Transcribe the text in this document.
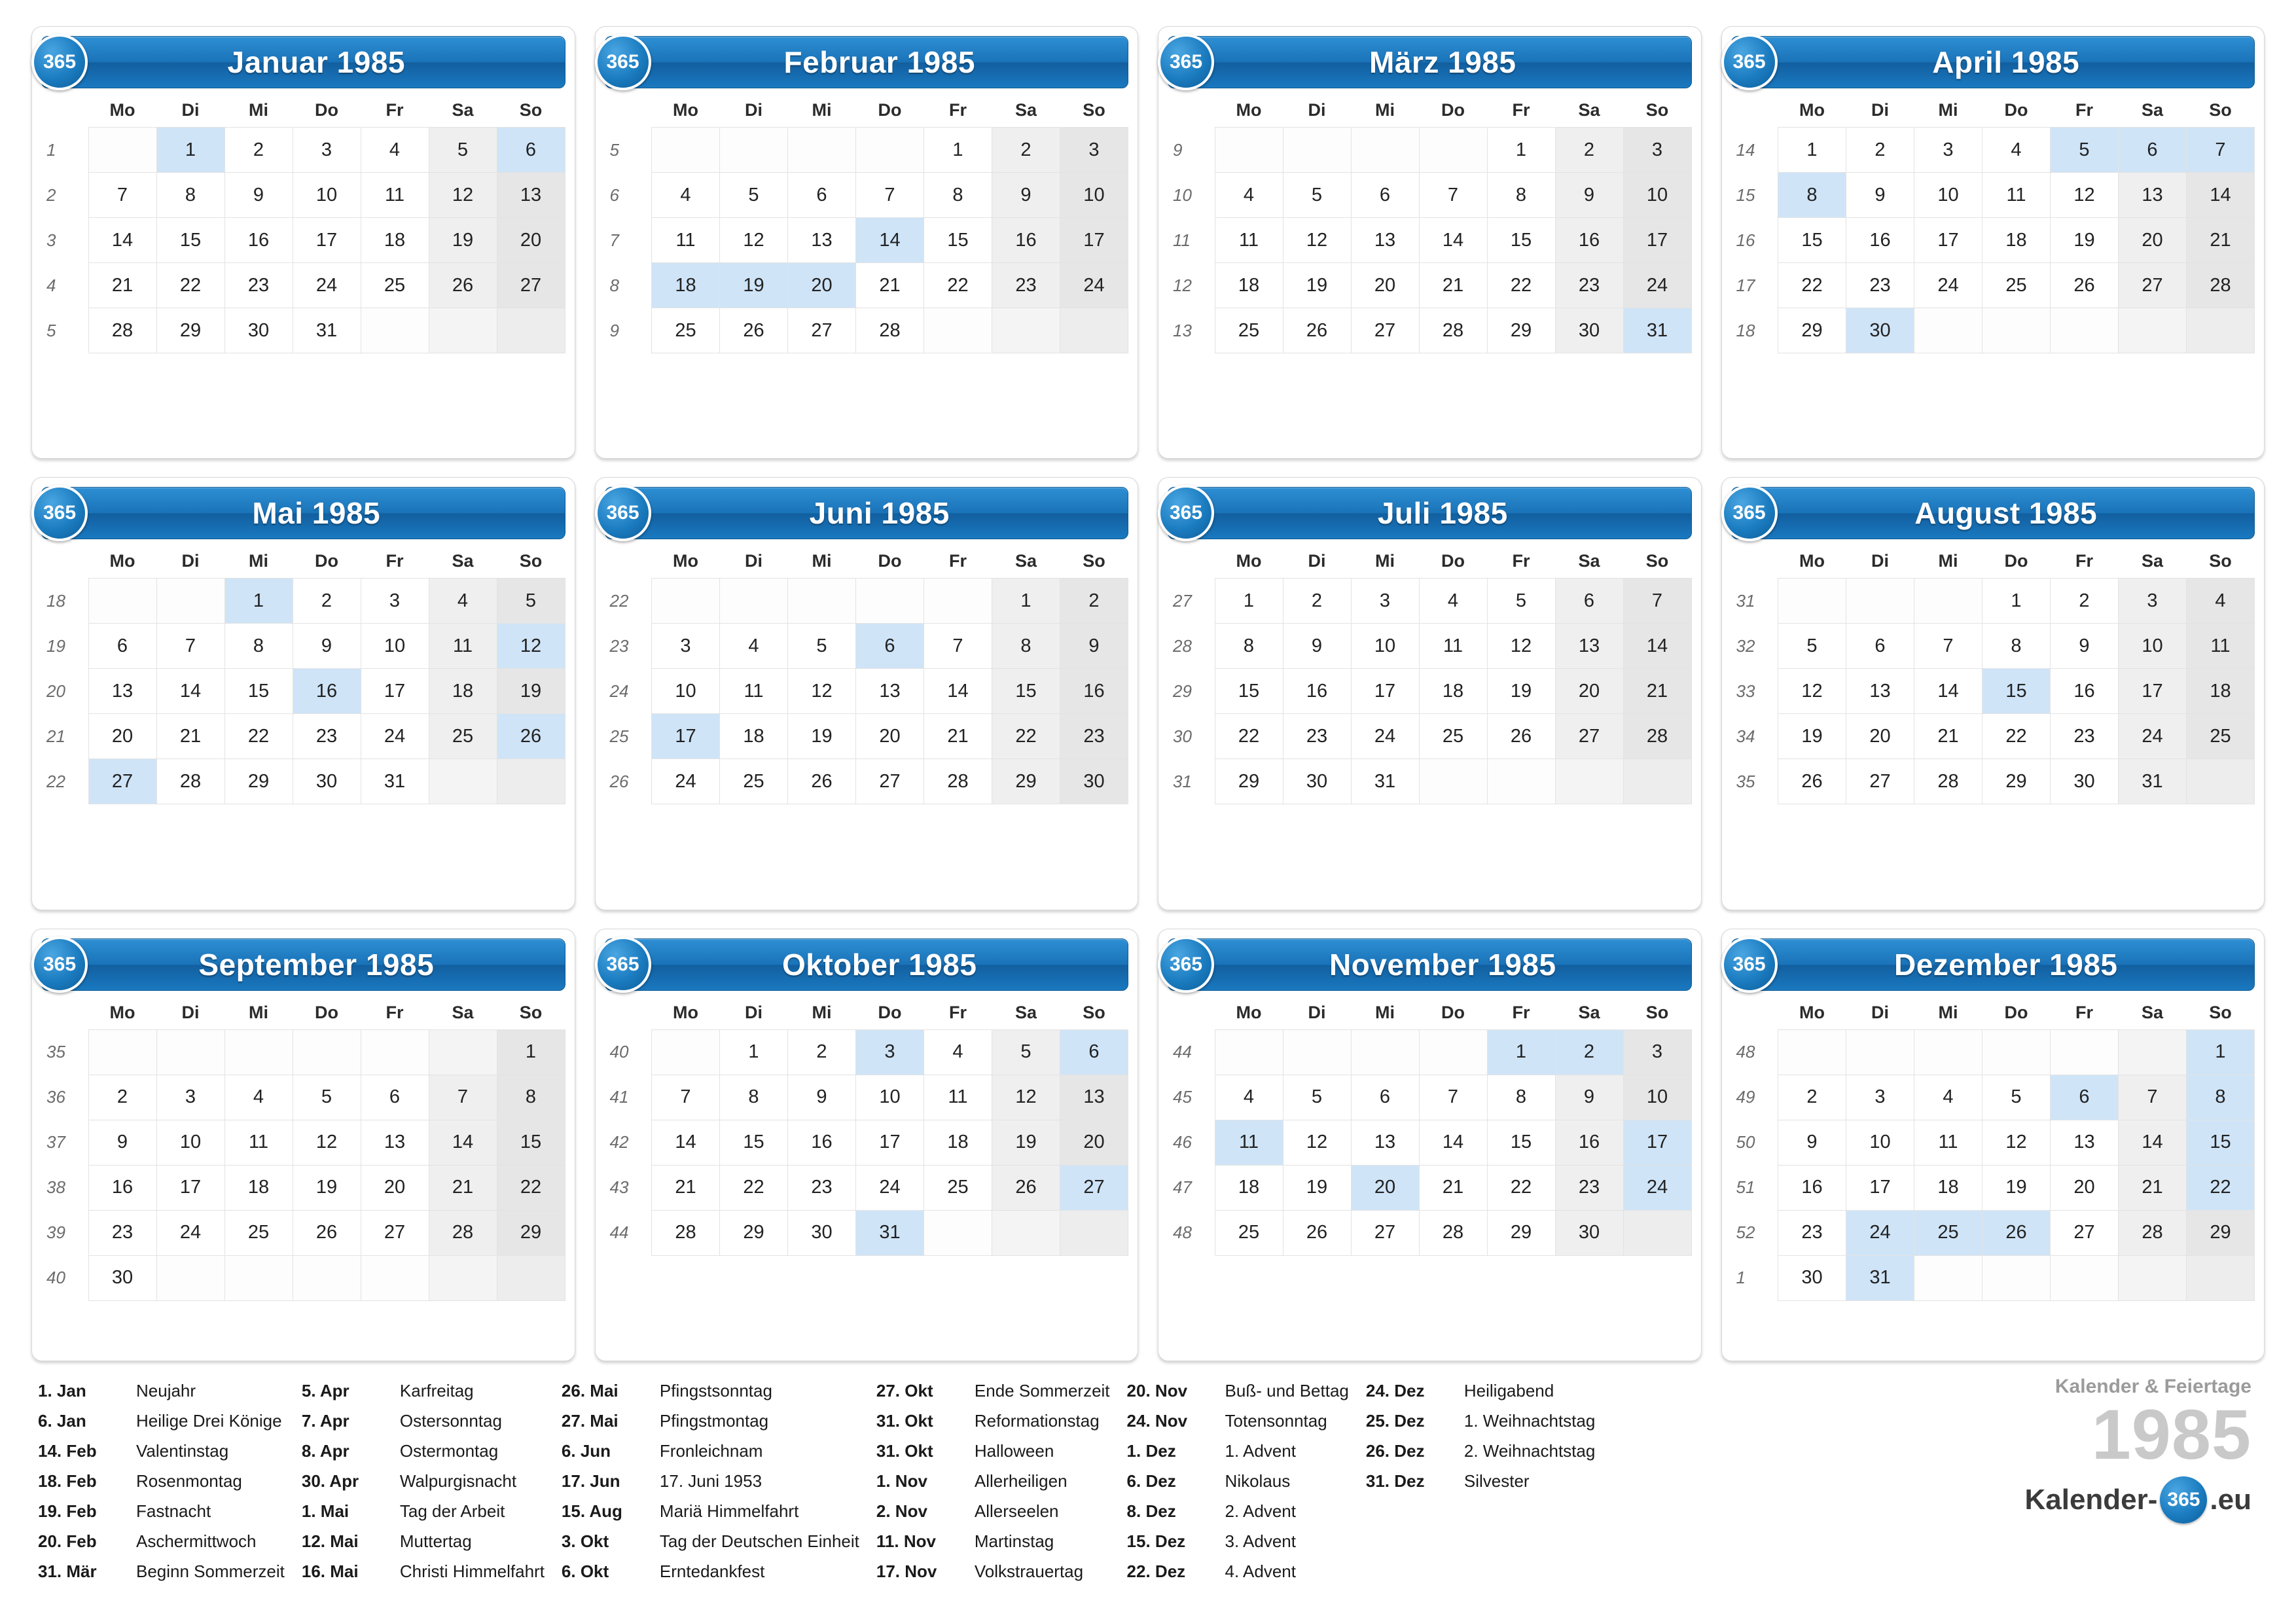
365	Januar 1985
	Mo	Di	Mi	Do	Fr	Sa	So
1		1	2	3	4	5	6
2	7	8	9	10	11	12	13
3	14	15	16	17	18	19	20
4	21	22	23	24	25	26	27
5	28	29	30	31			
365	Februar 1985
	Mo	Di	Mi	Do	Fr	Sa	So
5					1	2	3
6	4	5	6	7	8	9	10
7	11	12	13	14	15	16	17
8	18	19	20	21	22	23	24
9	25	26	27	28			
365	März 1985
	Mo	Di	Mi	Do	Fr	Sa	So
9					1	2	3
10	4	5	6	7	8	9	10
11	11	12	13	14	15	16	17
12	18	19	20	21	22	23	24
13	25	26	27	28	29	30	31
365	April 1985
	Mo	Di	Mi	Do	Fr	Sa	So
14	1	2	3	4	5	6	7
15	8	9	10	11	12	13	14
16	15	16	17	18	19	20	21
17	22	23	24	25	26	27	28
18	29	30					
365	Mai 1985
	Mo	Di	Mi	Do	Fr	Sa	So
18			1	2	3	4	5
19	6	7	8	9	10	11	12
20	13	14	15	16	17	18	19
21	20	21	22	23	24	25	26
22	27	28	29	30	31		
365	Juni 1985
	Mo	Di	Mi	Do	Fr	Sa	So
22						1	2
23	3	4	5	6	7	8	9
24	10	11	12	13	14	15	16
25	17	18	19	20	21	22	23
26	24	25	26	27	28	29	30
365	Juli 1985
	Mo	Di	Mi	Do	Fr	Sa	So
27	1	2	3	4	5	6	7
28	8	9	10	11	12	13	14
29	15	16	17	18	19	20	21
30	22	23	24	25	26	27	28
31	29	30	31				
365	August 1985
	Mo	Di	Mi	Do	Fr	Sa	So
31				1	2	3	4
32	5	6	7	8	9	10	11
33	12	13	14	15	16	17	18
34	19	20	21	22	23	24	25
35	26	27	28	29	30	31	
365	September 1985
	Mo	Di	Mi	Do	Fr	Sa	So
35							1
36	2	3	4	5	6	7	8
37	9	10	11	12	13	14	15
38	16	17	18	19	20	21	22
39	23	24	25	26	27	28	29
40	30						
365	Oktober 1985
	Mo	Di	Mi	Do	Fr	Sa	So
40		1	2	3	4	5	6
41	7	8	9	10	11	12	13
42	14	15	16	17	18	19	20
43	21	22	23	24	25	26	27
44	28	29	30	31			
365	November 1985
	Mo	Di	Mi	Do	Fr	Sa	So
44					1	2	3
45	4	5	6	7	8	9	10
46	11	12	13	14	15	16	17
47	18	19	20	21	22	23	24
48	25	26	27	28	29	30	
365	Dezember 1985
	Mo	Di	Mi	Do	Fr	Sa	So
48							1
49	2	3	4	5	6	7	8
50	9	10	11	12	13	14	15
51	16	17	18	19	20	21	22
52	23	24	25	26	27	28	29
1	30	31					
1. Jan	Neujahr
6. Jan	Heilige Drei Könige
14. Feb	Valentinstag
18. Feb	Rosenmontag
19. Feb	Fastnacht
20. Feb	Aschermittwoch
31. Mär	Beginn Sommerzeit
5. Apr	Karfreitag
7. Apr	Ostersonntag
8. Apr	Ostermontag
30. Apr	Walpurgisnacht
1. Mai	Tag der Arbeit
12. Mai	Muttertag
16. Mai	Christi Himmelfahrt
26. Mai	Pfingstsonntag
27. Mai	Pfingstmontag
6. Jun	Fronleichnam
17. Jun	17. Juni 1953
15. Aug	Mariä Himmelfahrt
3. Okt	Tag der Deutschen Einheit
6. Okt	Erntedankfest
27. Okt	Ende Sommerzeit
31. Okt	Reformationstag
31. Okt	Halloween
1. Nov	Allerheiligen
2. Nov	Allerseelen
11. Nov	Martinstag
17. Nov	Volkstrauertag
20. Nov	Buß- und Bettag
24. Nov	Totensonntag
1. Dez	1. Advent
6. Dez	Nikolaus
8. Dez	2. Advent
15. Dez	3. Advent
22. Dez	4. Advent
24. Dez	Heiligabend
25. Dez	1. Weihnachtstag
26. Dez	2. Weihnachtstag
31. Dez	Silvester
Kalender & Feiertage
1985
Kalender- 365 .eu
